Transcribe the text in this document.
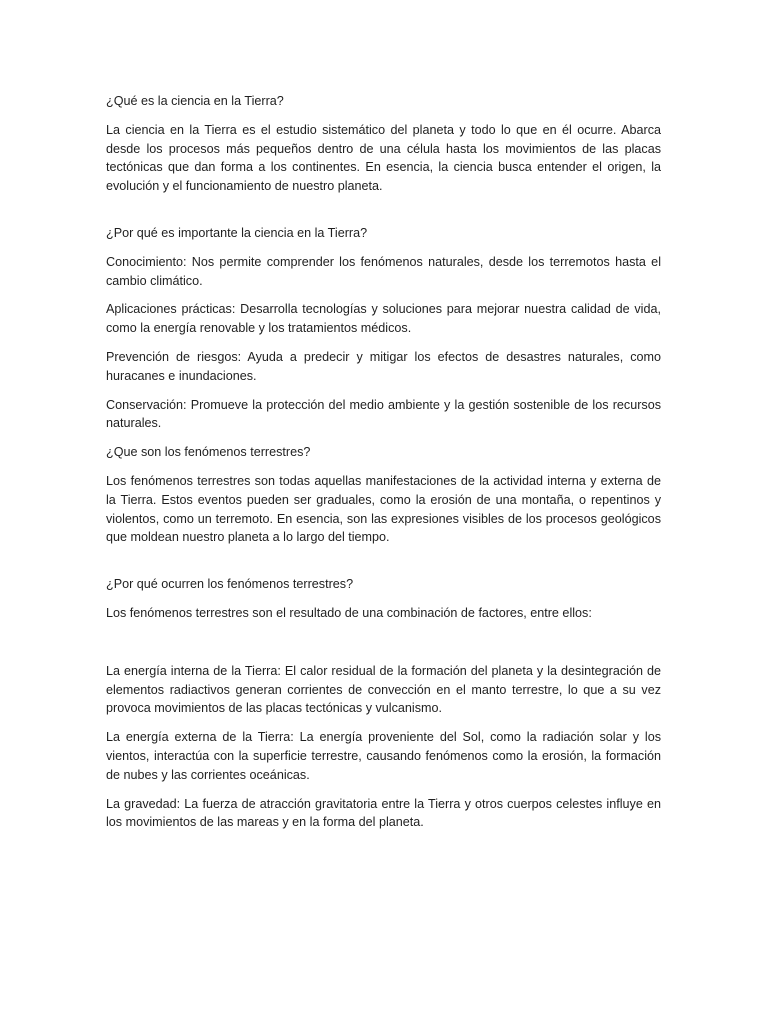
¿Qué es la ciencia en la Tierra?

La ciencia en la Tierra es el estudio sistemático del planeta y todo lo que en él ocurre. Abarca desde los procesos más pequeños dentro de una célula hasta los movimientos de las placas tectónicas que dan forma a los continentes. En esencia, la ciencia busca entender el origen, la evolución y el funcionamiento de nuestro planeta.

¿Por qué es importante la ciencia en la Tierra?

Conocimiento: Nos permite comprender los fenómenos naturales, desde los terremotos hasta el cambio climático.

Aplicaciones prácticas: Desarrolla tecnologías y soluciones para mejorar nuestra calidad de vida, como la energía renovable y los tratamientos médicos.

Prevención de riesgos: Ayuda a predecir y mitigar los efectos de desastres naturales, como huracanes e inundaciones.

Conservación: Promueve la protección del medio ambiente y la gestión sostenible de los recursos naturales.

¿Que son los fenómenos terrestres?

Los fenómenos terrestres son todas aquellas manifestaciones de la actividad interna y externa de la Tierra. Estos eventos pueden ser graduales, como la erosión de una montaña, o repentinos y violentos, como un terremoto. En esencia, son las expresiones visibles de los procesos geológicos que moldean nuestro planeta a lo largo del tiempo.

¿Por qué ocurren los fenómenos terrestres?

Los fenómenos terrestres son el resultado de una combinación de factores, entre ellos:

La energía interna de la Tierra: El calor residual de la formación del planeta y la desintegración de elementos radiactivos generan corrientes de convección en el manto terrestre, lo que a su vez provoca movimientos de las placas tectónicas y vulcanismo.

La energía externa de la Tierra: La energía proveniente del Sol, como la radiación solar y los vientos, interactúa con la superficie terrestre, causando fenómenos como la erosión, la formación de nubes y las corrientes oceánicas.

La gravedad: La fuerza de atracción gravitatoria entre la Tierra y otros cuerpos celestes influye en los movimientos de las mareas y en la forma del planeta.
